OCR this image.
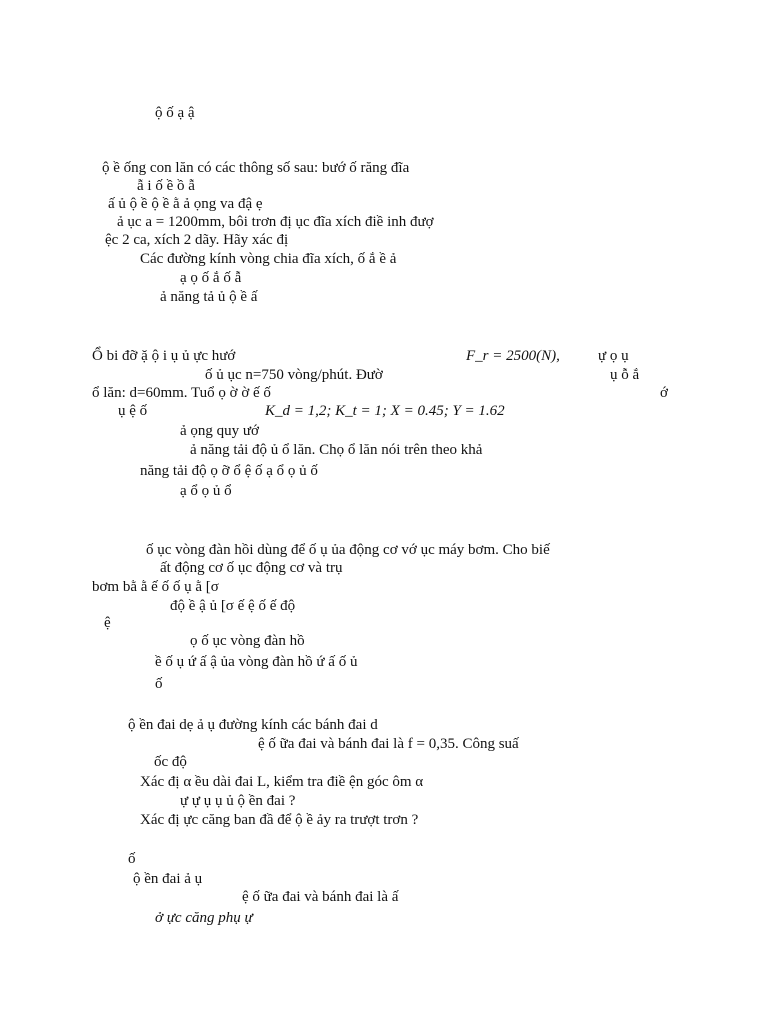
ộ ố ạ ậ
ộ ề ống con lăn có các thông số sau: bướ ố răng đĩa
ẫ i ố ề ồ ẫ
ấ ủ ộ ề ộ ề ằ ả ọng va đậ ẹ
ả ục a = 1200mm, bôi trơn đị ục đĩa xích điề inh đượ
ệc 2 ca, xích 2 dãy. Hãy xác đị
Các đường kính vòng chia đĩa xích, ố ắ ề ả
ạ ọ ố ắ ố ẫ
ả năng tả ủ ộ ề ấ
Ổ bi đỡ ặ ộ i ụ ủ ực hướ	F_r = 2500(N),	ự ọ ụ
ố ủ ục n=750 vòng/phút. Đườ	ụ ỗ ắ
ổ lăn: d=60mm. Tuổ ọ ờ ờ ế ố	ớ
ụ ệ ố	K_d = 1,2; K_t = 1; X = 0.45; Y = 1.62
ả ọng quy ướ
ả năng tải độ ủ ổ lăn. Chọ ổ lăn nói trên theo khả
năng tải độ ọ ỡ ổ ệ ố ạ ổ ọ ủ ố
ạ ổ ọ ủ ổ
ố ục vòng đàn hồi dùng để ố ụ ủa động cơ vớ ục máy bơm. Cho biế
ất động cơ ố ục động cơ và trụ
bơm bằ ằ ế ố ố ụ ằ [σ
độ ề ậ ủ [σ ế ệ ố ế độ
ệ
ọ ố ục vòng đàn hồ
ề ố ụ ứ ấ ậ ủa vòng đàn hồ ứ ấ ố ủ
ố
ộ ền đai dẹ ả ụ đường kính các bánh đai d
ệ ố ữa đai và bánh đai là f = 0,35. Công suấ
ốc độ
Xác đị α ều dài đai L, kiểm tra điề ện góc ôm α
ự ự ụ ụ ủ ộ ền đai ?
Xác đị ực căng ban đầ để ộ ề ảy ra trượt trơn ?
ố
ộ ền đai ả ụ
ệ ố ữa đai và bánh đai là ấ
ở ực căng phụ ự
